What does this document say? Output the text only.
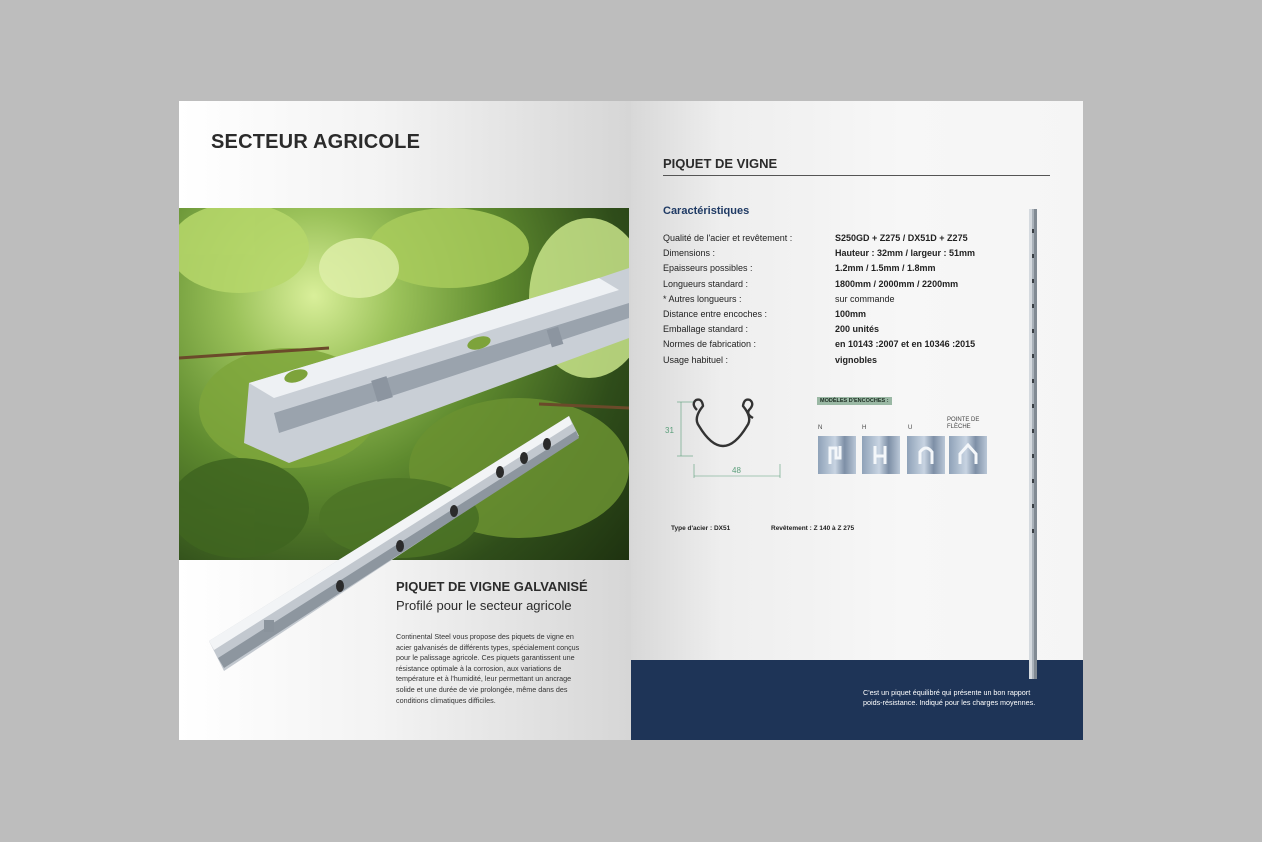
SECTEUR AGRICOLE
PIQUET DE VIGNE GALVANISÉ
Profilé pour le secteur agricole
Continental Steel vous propose des piquets de vigne en
acier galvanisés de différents types, spécialement conçus
pour le palissage agricole. Ces piquets garantissent une
résistance optimale à la corrosion, aux variations de
température et à l'humidité, leur permettant un ancrage
solide et une durée de vie prolongée, même dans des
conditions climatiques difficiles.
PIQUET DE VIGNE
Caractéristiques
Qualité de l'acier et revêtement :	S250GD + Z275 / DX51D + Z275
Dimensions :	Hauteur : 32mm / largeur : 51mm
Epaisseurs possibles :	1.2mm / 1.5mm / 1.8mm
Longueurs standard :	1800mm / 2000mm / 2200mm
* Autres longueurs :	sur commande
Distance entre encoches :	100mm
Emballage standard :	200 unités
Normes de fabrication :	en 10143 :2007 et en 10346 :2015
Usage habituel :	vignobles
31
48
MODÈLES D'ENCOCHES :
N	H	U
POINTE DE FLÈCHE
Type d'acier : DX51	Revêtement : Z 140 à Z 275
C'est un piquet équilibré qui présente un bon rapport
poids-résistance. Indiqué pour les charges moyennes.
